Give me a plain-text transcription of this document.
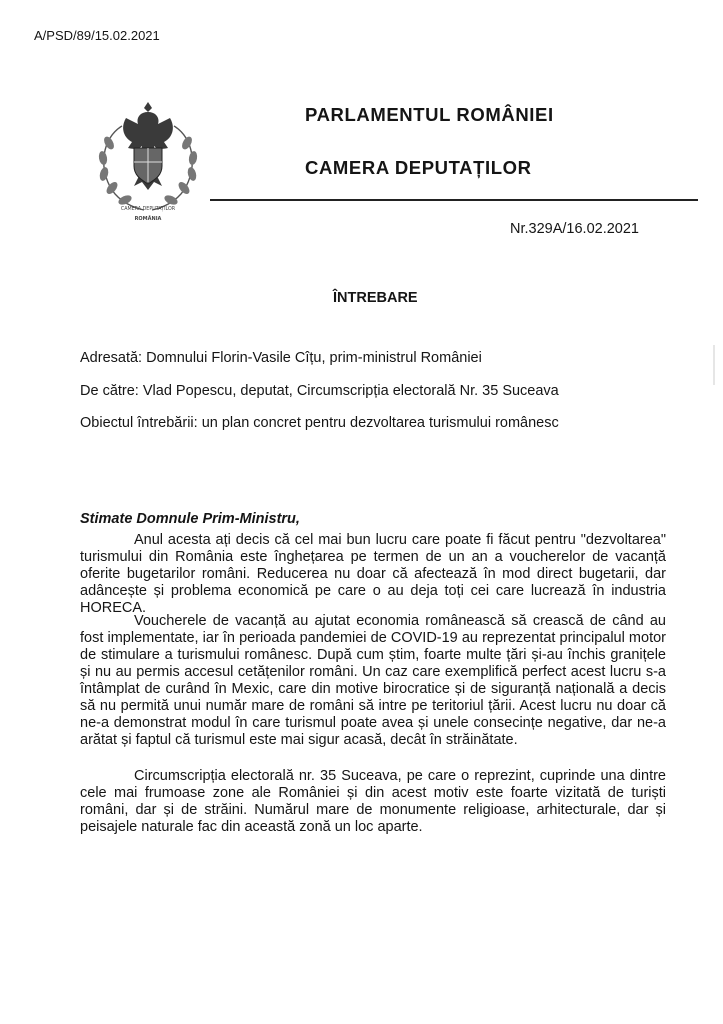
A/PSD/89/15.02.2021
CAMERA DEPUTAȚILOR
ROMÂNIA
PARLAMENTUL ROMÂNIEI
CAMERA DEPUTAȚILOR
Nr.329A/16.02.2021
ÎNTREBARE
Adresată: Domnului Florin-Vasile Cîțu, prim-ministrul României
De către: Vlad Popescu, deputat, Circumscripția electorală Nr. 35 Suceava
Obiectul întrebării: un plan concret pentru dezvoltarea turismului românesc
Stimate Domnule Prim-Ministru,

Anul acesta ați decis că cel mai bun lucru care poate fi făcut pentru "dezvoltarea" turismului din România este înghețarea pe termen de un an a voucherelor de vacanță oferite bugetarilor români. Reducerea nu doar că afectează în mod direct bugetarii, dar adâncește și problema economică pe care o au deja toți cei care lucrează în industria HORECA.

Voucherele de vacanță au ajutat economia românească să crească de când au fost implementate, iar în perioada pandemiei de COVID-19 au reprezentat principalul motor de stimulare a turismului românesc. După cum știm, foarte multe țări și-au închis granițele și nu au permis accesul cetățenilor români. Un caz care exemplifică perfect acest lucru s-a întâmplat de curând în Mexic, care din motive birocratice și de siguranță națională a decis să nu permită unui număr mare de români să intre pe teritoriul țării. Acest lucru nu doar că ne-a demonstrat modul în care turismul poate avea și unele consecințe negative, dar ne-a arătat și faptul că turismul este mai sigur acasă, decât în străinătate.

Circumscripția electorală nr. 35 Suceava, pe care o reprezint, cuprinde una dintre cele mai frumoase zone ale României și din acest motiv este foarte vizitată de turiști români, dar și de străini. Numărul mare de monumente religioase, arhitecturale, dar și peisajele naturale fac din această zonă un loc aparte.
